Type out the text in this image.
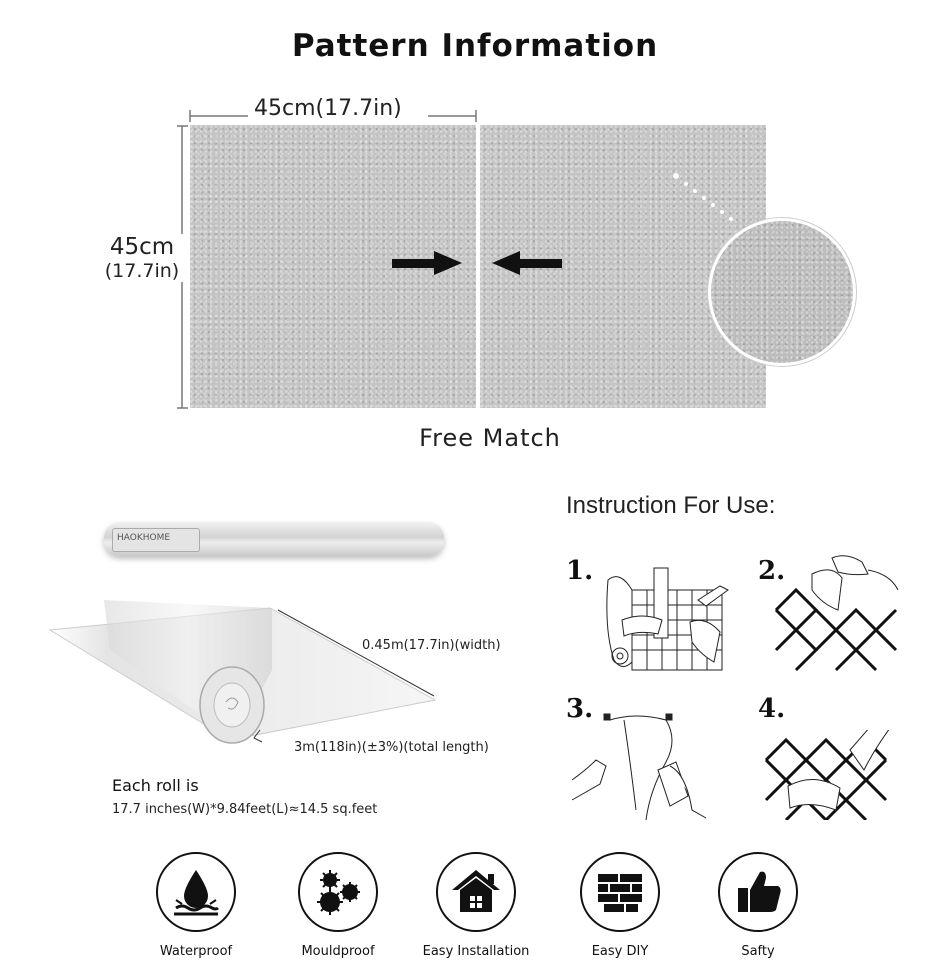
Pattern Information
45cm(17.7in)
45cm
(17.7in)
Free Match
HAOKHOME
0.45m(17.7in)(width)
3m(118in)(±3%)(total length)
Each roll is
17.7 inches(W)*9.84feet(L)≈14.5 sq.feet
Instruction For Use:
1.	2.
3.	4.
Waterproof	Mouldproof	Easy Installation	Easy DIY	Safty
